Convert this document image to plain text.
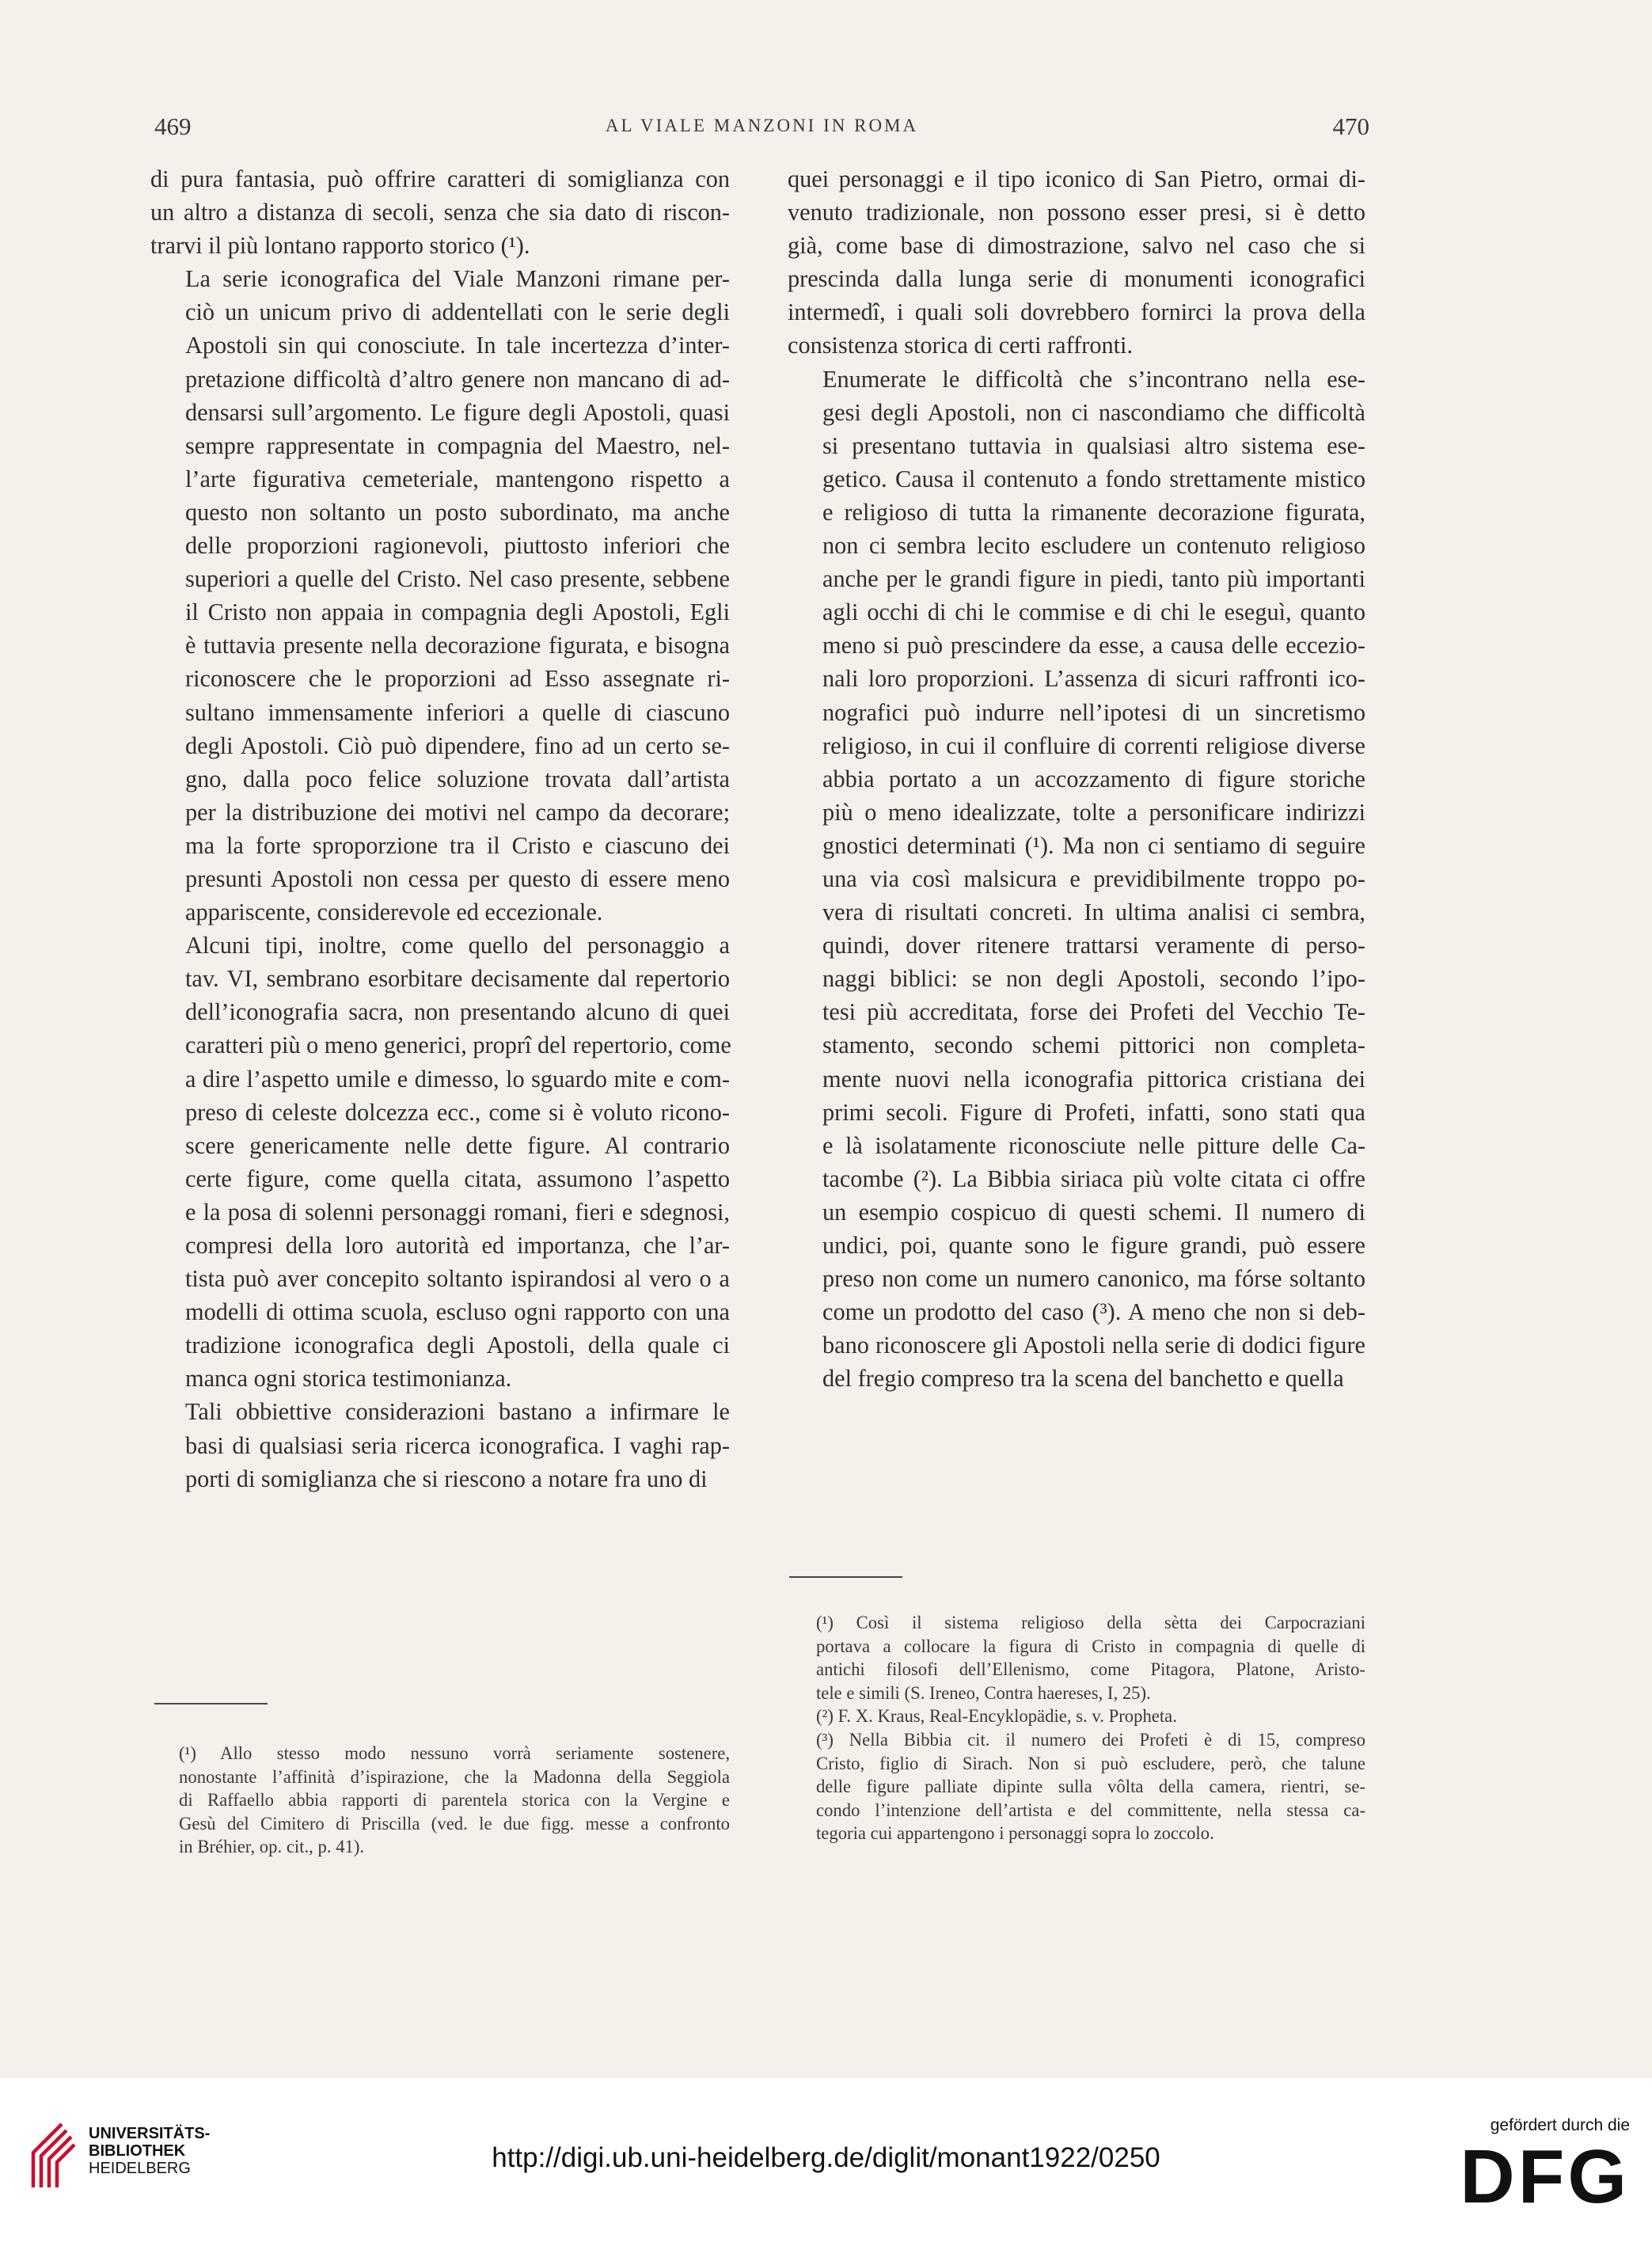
469	AL VIALE MANZONI IN ROMA	470

di pura fantasia, può offrire caratteri di somiglianza con
un altro a distanza di secoli, senza che sia dato di riscon-
trarvi il più lontano rapporto storico (¹).

La serie iconografica del Viale Manzoni rimane per-
ciò un unicum privo di addentellati con le serie degli
Apostoli sin qui conosciute. In tale incertezza d’inter-
pretazione difficoltà d’altro genere non mancano di ad-
densarsi sull’argomento. Le figure degli Apostoli, quasi
sempre rappresentate in compagnia del Maestro, nel-
l’arte figurativa cemeteriale, mantengono rispetto a
questo non soltanto un posto subordinato, ma anche
delle proporzioni ragionevoli, piuttosto inferiori che
superiori a quelle del Cristo. Nel caso presente, sebbene
il Cristo non appaia in compagnia degli Apostoli, Egli
è tuttavia presente nella decorazione figurata, e bisogna
riconoscere che le proporzioni ad Esso assegnate ri-
sultano immensamente inferiori a quelle di ciascuno
degli Apostoli. Ciò può dipendere, fino ad un certo se-
gno, dalla poco felice soluzione trovata dall’artista
per la distribuzione dei motivi nel campo da decorare;
ma la forte sproporzione tra il Cristo e ciascuno dei
presunti Apostoli non cessa per questo di essere meno
appariscente, considerevole ed eccezionale.

Alcuni tipi, inoltre, come quello del personaggio a
tav. VI, sembrano esorbitare decisamente dal repertorio
dell’iconografia sacra, non presentando alcuno di quei
caratteri più o meno generici, proprî del repertorio, come
a dire l’aspetto umile e dimesso, lo sguardo mite e com-
preso di celeste dolcezza ecc., come si è voluto ricono-
scere genericamente nelle dette figure. Al contrario
certe figure, come quella citata, assumono l’aspetto
e la posa di solenni personaggi romani, fieri e sdegnosi,
compresi della loro autorità ed importanza, che l’ar-
tista può aver concepito soltanto ispirandosi al vero o a
modelli di ottima scuola, escluso ogni rapporto con una
tradizione iconografica degli Apostoli, della quale ci
manca ogni storica testimonianza.

Tali obbiettive considerazioni bastano a infirmare le
basi di qualsiasi seria ricerca iconografica. I vaghi rap-
porti di somiglianza che si riescono a notare fra uno di

quei personaggi e il tipo iconico di San Pietro, ormai di-
venuto tradizionale, non possono esser presi, si è detto
già, come base di dimostrazione, salvo nel caso che si
prescinda dalla lunga serie di monumenti iconografici
intermedî, i quali soli dovrebbero fornirci la prova della
consistenza storica di certi raffronti.

Enumerate le difficoltà che s’incontrano nella ese-
gesi degli Apostoli, non ci nascondiamo che difficoltà
si presentano tuttavia in qualsiasi altro sistema ese-
getico. Causa il contenuto a fondo strettamente mistico
e religioso di tutta la rimanente decorazione figurata,
non ci sembra lecito escludere un contenuto religioso
anche per le grandi figure in piedi, tanto più importanti
agli occhi di chi le commise e di chi le eseguì, quanto
meno si può prescindere da esse, a causa delle eccezio-
nali loro proporzioni. L’assenza di sicuri raffronti ico-
nografici può indurre nell’ipotesi di un sincretismo
religioso, in cui il confluire di correnti religiose diverse
abbia portato a un accozzamento di figure storiche
più o meno idealizzate, tolte a personificare indirizzi
gnostici determinati (¹). Ma non ci sentiamo di seguire
una via così malsicura e previdibilmente troppo po-
vera di risultati concreti. In ultima analisi ci sembra,
quindi, dover ritenere trattarsi veramente di perso-
naggi biblici: se non degli Apostoli, secondo l’ipo-
tesi più accreditata, forse dei Profeti del Vecchio Te-
stamento, secondo schemi pittorici non completa-
mente nuovi nella iconografia pittorica cristiana dei
primi secoli. Figure di Profeti, infatti, sono stati qua
e là isolatamente riconosciute nelle pitture delle Ca-
tacombe (²). La Bibbia siriaca più volte citata ci offre
un esempio cospicuo di questi schemi. Il numero di
undici, poi, quante sono le figure grandi, può essere
preso non come un numero canonico, ma fórse soltanto
come un prodotto del caso (³). A meno che non si deb-
bano riconoscere gli Apostoli nella serie di dodici figure
del fregio compreso tra la scena del banchetto e quella

(¹) Allo stesso modo nessuno vorrà seriamente sostenere,
nonostante l’affinità d’ispirazione, che la Madonna della Seggiola
di Raffaello abbia rapporti di parentela storica con la Vergine e
Gesù del Cimitero di Priscilla (ved. le due figg. messe a confronto
in Bréhier, op. cit., p. 41).

(¹) Così il sistema religioso della sètta dei Carpocraziani
portava a collocare la figura di Cristo in compagnia di quelle di
antichi filosofi dell’Ellenismo, come Pitagora, Platone, Aristo-
tele e simili (S. Ireneo, Contra haereses, I, 25).

(²) F. X. Kraus, Real-Encyklopädie, s. v. Propheta.

(³) Nella Bibbia cit. il numero dei Profeti è di 15, compreso
Cristo, figlio di Sirach. Non si può escludere, però, che talune
delle figure palliate dipinte sulla vôlta della camera, rientri, se-
condo l’intenzione dell’artista e del committente, nella stessa ca-
tegoria cui appartengono i personaggi sopra lo zoccolo.

UNIVERSITÄTS-
BIBLIOTHEK
HEIDELBERG	http://digi.ub.uni-heidelberg.de/diglit/monant1922/0250
gefördert durch die
DFG
